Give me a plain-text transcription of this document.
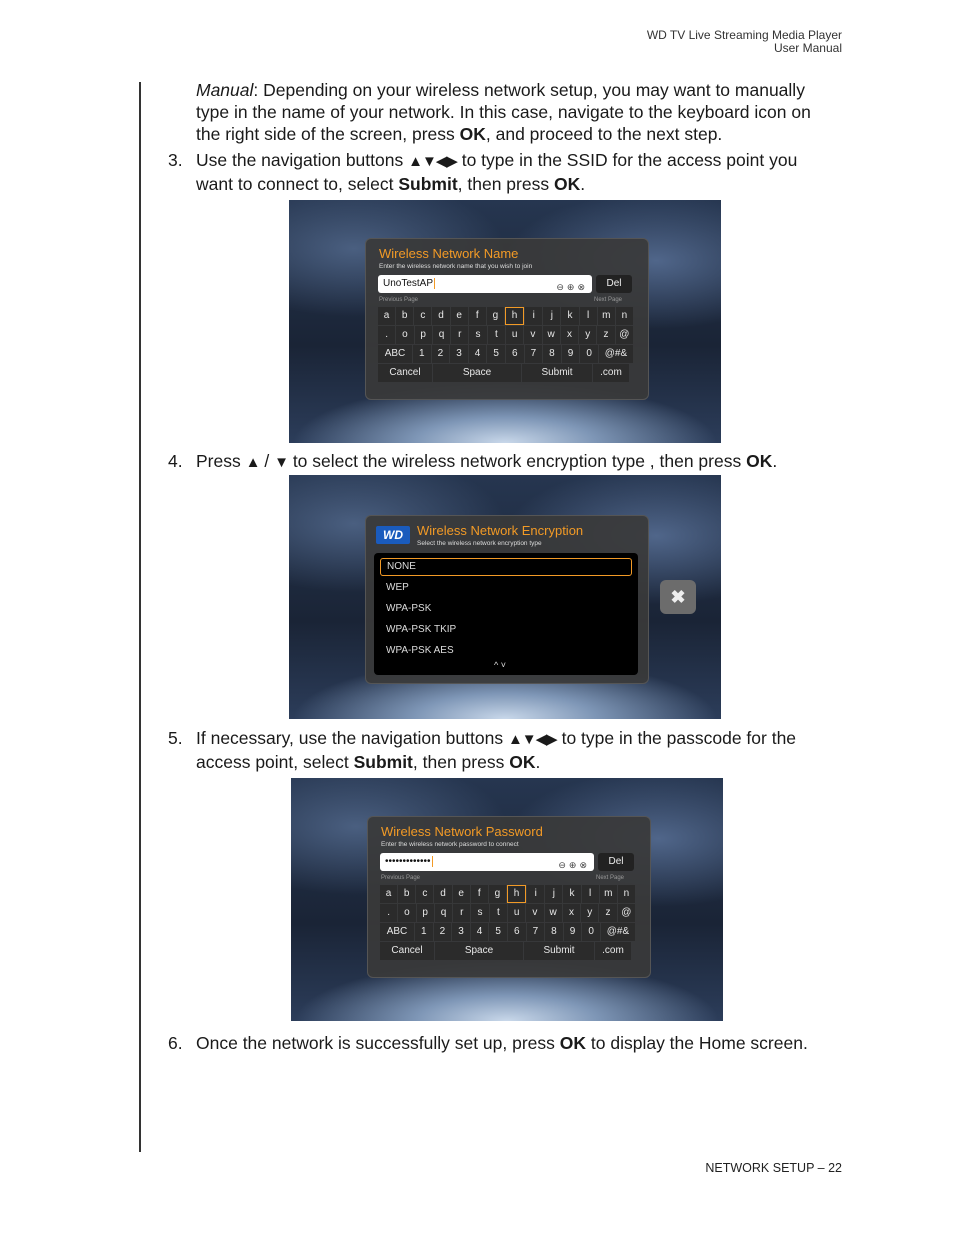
WD TV Live Streaming Media Player
User Manual
Manual: Depending on your wireless network setup, you may want to manually
type in the name of your network. In this case, navigate to the keyboard icon on
the right side of the screen, press OK, and proceed to the next step.
3. Use the navigation buttons ▲▼◀▶ to type in the SSID for the access point you
want to connect to, select Submit, then press OK.
Wireless Network Name
Enter the wireless network name that you wish to join
UnoTestAP	⊖⊕⊗	Del
Previous Page	Next Page
a	b	c	d	e	f	g	h	i	j	k	l	m	n
.	o	p	q	r	s	t	u	v	w	x	y	z	@
ABC	1	2	3	4	5	6	7	8	9	0	@#&
Cancel	Space	Submit	.com
4. Press ▲ / ▼ to select the wireless network encryption type , then press OK.
WD	Wireless Network Encryption
Select the wireless network encryption type
NONE
WEP
WPA-PSK
WPA-PSK TKIP
WPA-PSK AES
^ ˅
✖
5. If necessary, use the navigation buttons ▲▼◀▶ to type in the passcode for the
access point, select Submit, then press OK.
Wireless Network Password
Enter the wireless network password to connect
•••••••••••••	⊖⊕⊗	Del
Previous Page	Next Page
a	b	c	d	e	f	g	h	i	j	k	l	m	n
.	o	p	q	r	s	t	u	v	w	x	y	z	@
ABC	1	2	3	4	5	6	7	8	9	0	@#&
Cancel	Space	Submit	.com
6. Once the network is successfully set up, press OK to display the Home screen.
NETWORK SETUP – 22
